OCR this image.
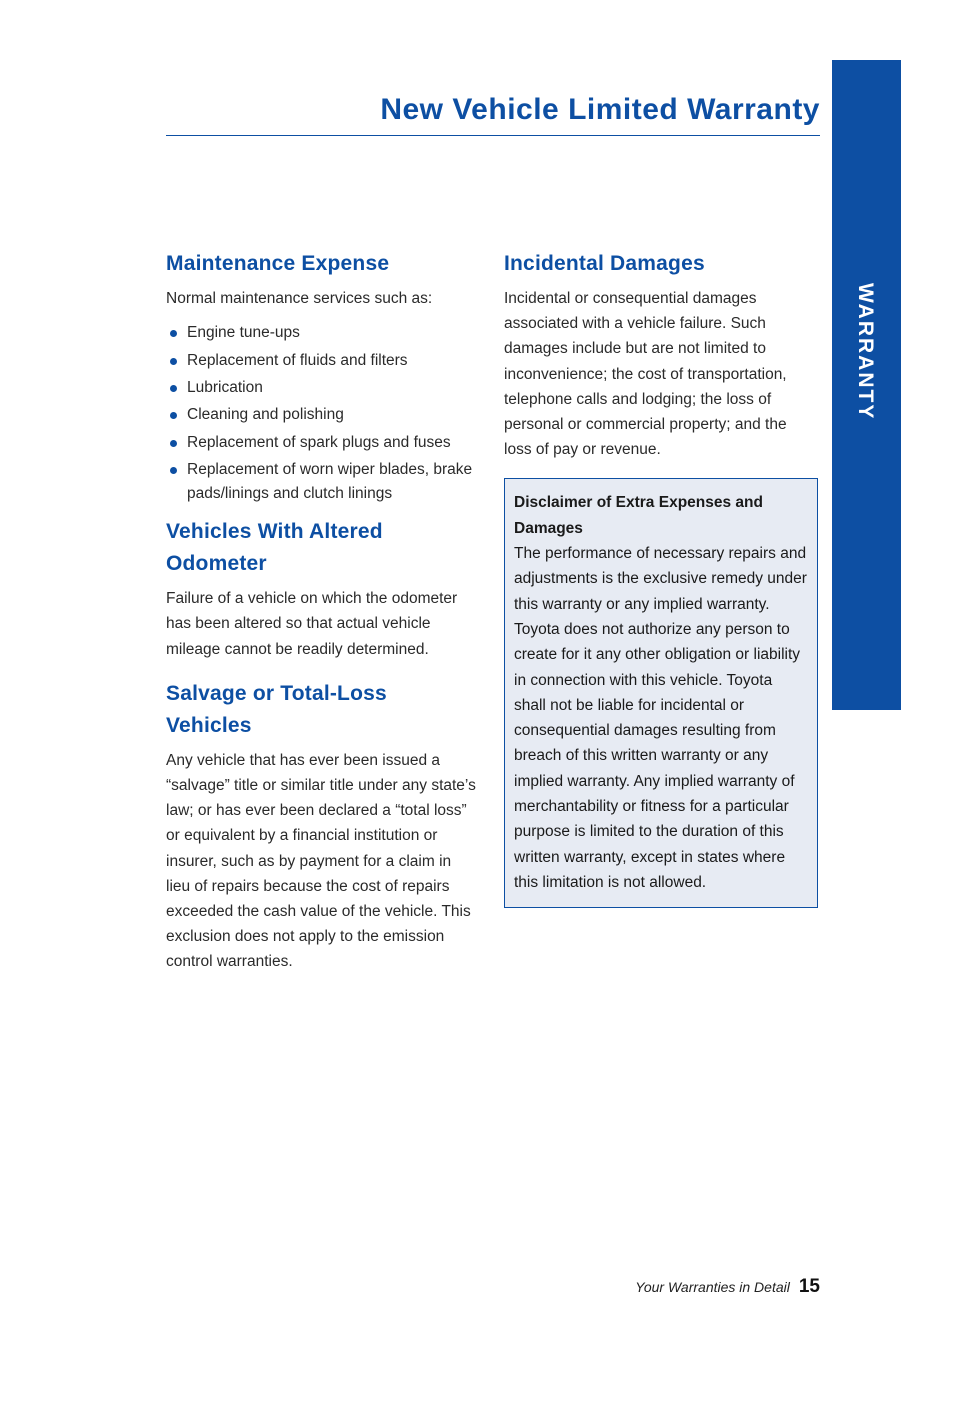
New Vehicle Limited Warranty
WARRANTY
Maintenance Expense

Normal maintenance services such as:

Engine tune-ups
Replacement of fluids and filters
Lubrication
Cleaning and polishing
Replacement of spark plugs and fuses
Replacement of worn wiper blades, brake pads/linings and clutch linings
Vehicles With Altered Odometer

Failure of a vehicle on which the odometer has been altered so that actual vehicle mileage cannot be readily determined.

Salvage or Total-Loss Vehicles

Any vehicle that has ever been issued a “salvage” title or similar title under any state’s law; or has ever been declared a “total loss” or equivalent by a financial institution or insurer, such as by payment for a claim in lieu of repairs because the cost of repairs exceeded the cash value of the vehicle. This exclusion does not apply to the emission control warranties.

Incidental Damages

Incidental or consequential damages associated with a vehicle failure. Such damages include but are not limited to inconvenience; the cost of transportation, telephone calls and lodging; the loss of personal or commercial property; and the loss of pay or revenue.

Disclaimer of Extra Expenses and Damages

The performance of necessary repairs and adjustments is the exclusive remedy under this warranty or any implied warranty. Toyota does not authorize any person to create for it any other obligation or liability in connection with this vehicle. Toyota shall not be liable for incidental or consequential damages resulting from breach of this written warranty or any implied warranty. Any implied warranty of merchantability or fitness for a particular purpose is limited to the duration of this written warranty, except in states where this limitation is not allowed.

Your Warranties in Detail 15
